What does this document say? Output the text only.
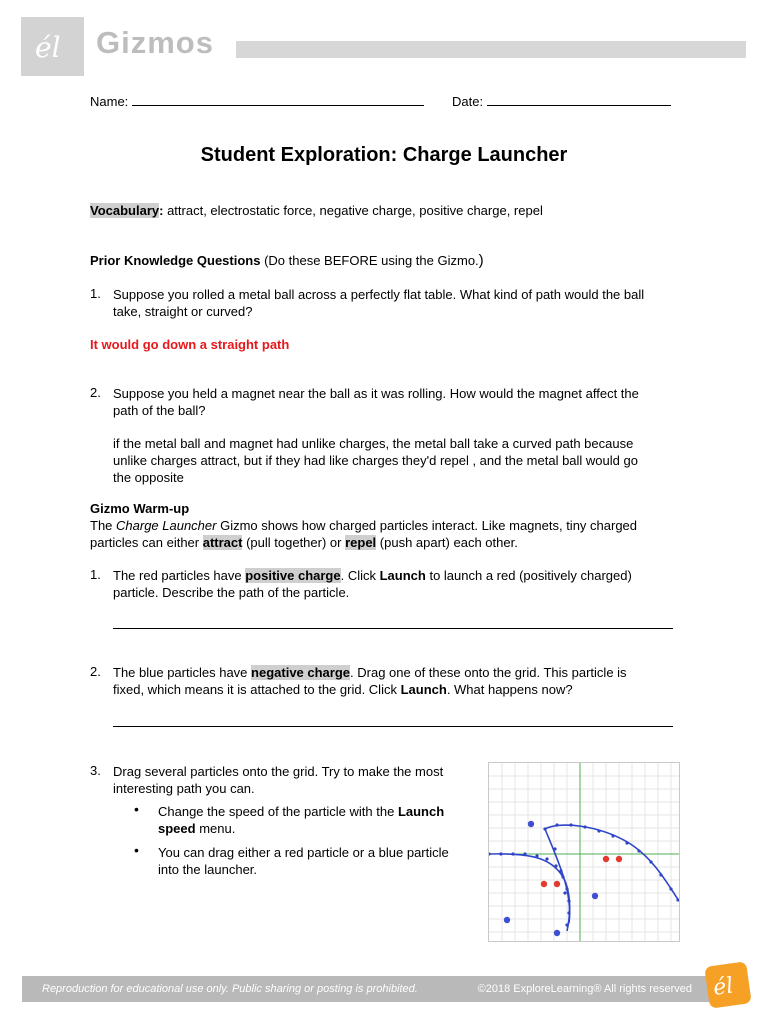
él Gizmos
Name:	Date:
Student Exploration: Charge Launcher
Vocabulary: attract, electrostatic force, negative charge, positive charge, repel
Prior Knowledge Questions (Do these BEFORE using the Gizmo.)
1. Suppose you rolled a metal ball across a perfectly flat table. What kind of path would the ball
take, straight or curved?
It would go down a straight path
2. Suppose you held a magnet near the ball as it was rolling. How would the magnet affect the
path of the ball?
if the metal ball and magnet had unlike charges, the metal ball take a curved path because
unlike charges attract, but if they had like charges they'd repel , and the metal ball would go
the opposite
Gizmo Warm-up
The Charge Launcher Gizmo shows how charged particles interact. Like magnets, tiny charged
particles can either attract (pull together) or repel (push apart) each other.
1. The red particles have positive charge. Click Launch to launch a red (positively charged)
particle. Describe the path of the particle.
2. The blue particles have negative charge. Drag one of these onto the grid. This particle is
fixed, which means it is attached to the grid. Click Launch. What happens now?
3. Drag several particles onto the grid. Try to make the most
interesting path you can.
• Change the speed of the particle with the Launch
speed menu.
• You can drag either a red particle or a blue particle
into the launcher.
Reproduction for educational use only. Public sharing or posting is prohibited.	©2018 ExploreLearning® All rights reserved él
